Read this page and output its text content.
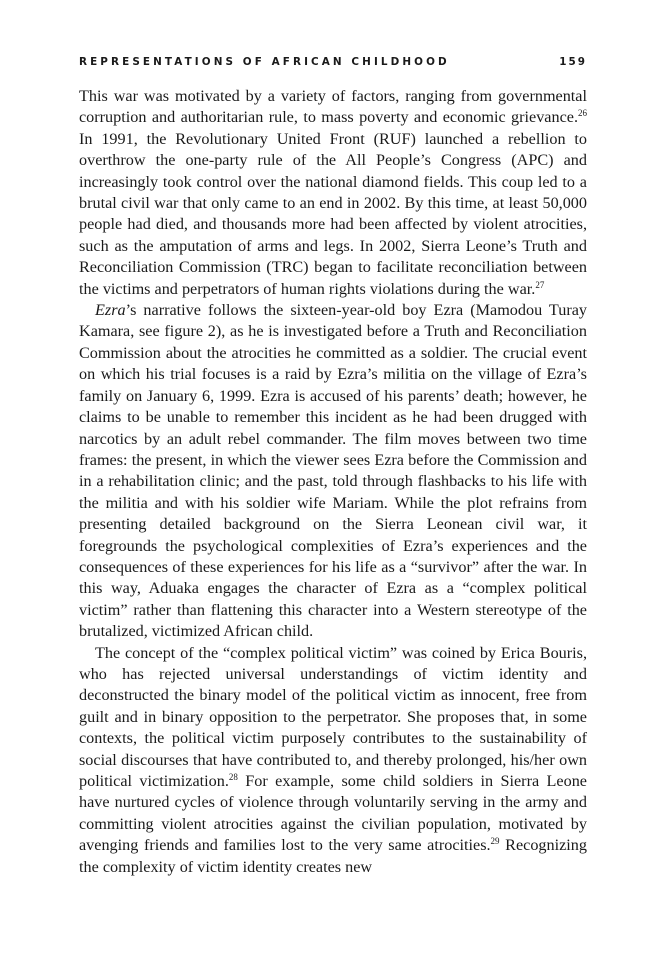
REPRESENTATIONS OF AFRICAN CHILDHOOD	159

This war was motivated by a variety of factors, ranging from governmental corruption and authoritarian rule, to mass poverty and economic grievance.$^{26}$ In 1991, the Revolutionary United Front (RUF) launched a rebellion to overthrow the one-party rule of the All People’s Congress (APC) and increasingly took control over the national diamond fields. This coup led to a brutal civil war that only came to an end in 2002. By this time, at least 50,000 people had died, and thousands more had been affected by violent atrocities, such as the amputation of arms and legs. In 2002, Sierra Leone’s Truth and Reconciliation Commission (TRC) began to facilitate reconciliation between the victims and perpetrators of human rights violations during the war.$^{27}$

Ezra’s narrative follows the sixteen-year-old boy Ezra (Mamodou Turay Kamara, see figure 2), as he is investigated before a Truth and Reconciliation Commission about the atrocities he committed as a soldier. The crucial event on which his trial focuses is a raid by Ezra’s militia on the village of Ezra’s family on January 6, 1999. Ezra is accused of his parents’ death; however, he claims to be unable to remember this incident as he had been drugged with narcotics by an adult rebel commander. The film moves between two time frames: the present, in which the viewer sees Ezra before the Commission and in a rehabilitation clinic; and the past, told through flashbacks to his life with the militia and with his soldier wife Mariam. While the plot refrains from presenting detailed background on the Sierra Leonean civil war, it foregrounds the psychological complexities of Ezra’s experiences and the consequences of these experiences for his life as a “survivor” after the war. In this way, Aduaka engages the character of Ezra as a “complex political victim” rather than flattening this character into a Western stereotype of the brutalized, victimized African child.

The concept of the “complex political victim” was coined by Erica Bouris, who has rejected universal understandings of victim identity and deconstructed the binary model of the political victim as innocent, free from guilt and in binary opposition to the perpetrator. She proposes that, in some contexts, the political victim purposely contributes to the sustainability of social discourses that have contributed to, and thereby prolonged, his/her own political victimization.$^{28}$ For example, some child soldiers in Sierra Leone have nurtured cycles of violence through voluntarily serving in the army and committing violent atrocities against the civilian population, motivated by avenging friends and families lost to the very same atrocities.$^{29}$ Recognizing the complexity of victim identity creates new
